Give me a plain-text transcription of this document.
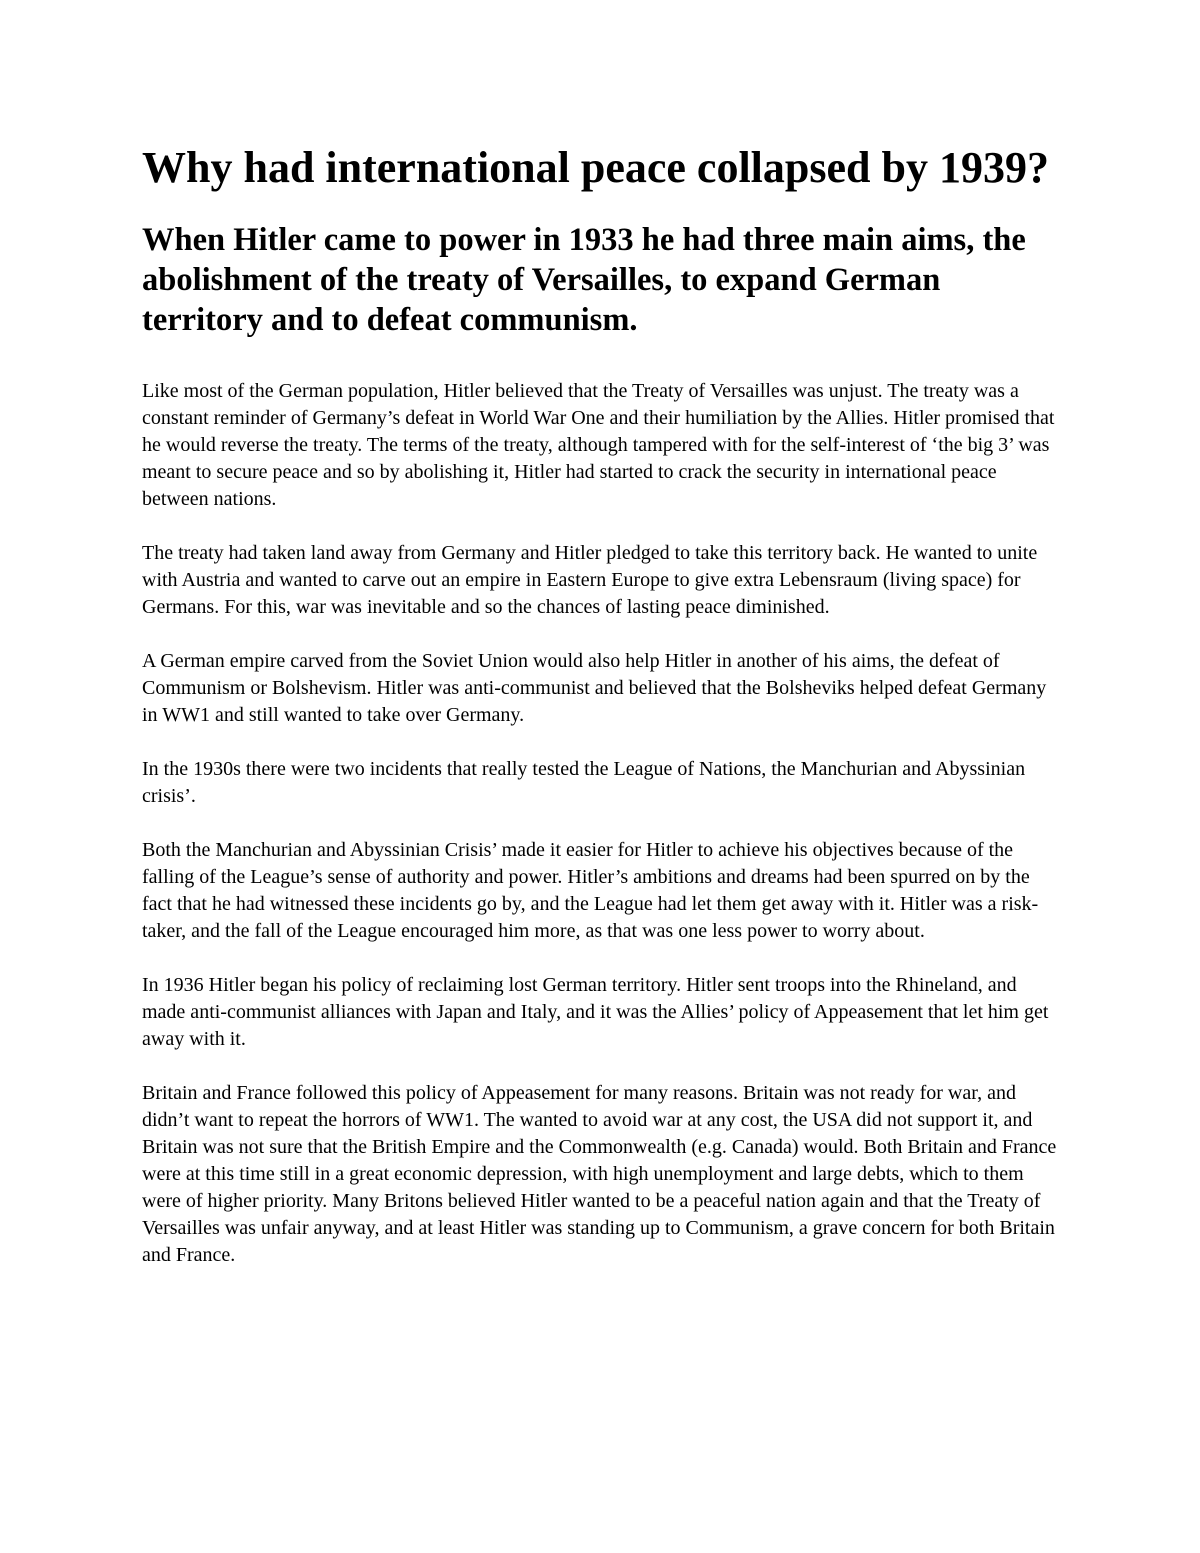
Why had international peace collapsed by 1939?
When Hitler came to power in 1933 he had three main aims, the abolishment of the treaty of Versailles, to expand German territory and to defeat communism.

Like most of the German population, Hitler believed that the Treaty of Versailles was unjust. The treaty was a constant reminder of Germany’s defeat in World War One and their humiliation by the Allies. Hitler promised that he would reverse the treaty. The terms of the treaty, although tampered with for the self-interest of ‘the big 3’ was meant to secure peace and so by abolishing it, Hitler had started to crack the security in international peace between nations.

The treaty had taken land away from Germany and Hitler pledged to take this territory back. He wanted to unite with Austria and wanted to carve out an empire in Eastern Europe to give extra Lebensraum (living space) for Germans. For this, war was inevitable and so the chances of lasting peace diminished.

A German empire carved from the Soviet Union would also help Hitler in another of his aims, the defeat of Communism or Bolshevism. Hitler was anti-communist and believed that the Bolsheviks helped defeat Germany in WW1 and still wanted to take over Germany.

In the 1930s there were two incidents that really tested the League of Nations, the Manchurian and Abyssinian crisis’.

Both the Manchurian and Abyssinian Crisis’ made it easier for Hitler to achieve his objectives because of the falling of the League’s sense of authority and power. Hitler’s ambitions and dreams had been spurred on by the fact that he had witnessed these incidents go by, and the League had let them get away with it. Hitler was a risk-taker, and the fall of the League encouraged him more, as that was one less power to worry about.

In 1936 Hitler began his policy of reclaiming lost German territory. Hitler sent troops into the Rhineland, and made anti-communist alliances with Japan and Italy, and it was the Allies’ policy of Appeasement that let him get away with it.

Britain and France followed this policy of Appeasement for many reasons. Britain was not ready for war, and didn’t want to repeat the horrors of WW1. The wanted to avoid war at any cost, the USA did not support it, and Britain was not sure that the British Empire and the Commonwealth (e.g. Canada) would. Both Britain and France were at this time still in a great economic depression, with high unemployment and large debts, which to them were of higher priority. Many Britons believed Hitler wanted to be a peaceful nation again and that the Treaty of Versailles was unfair anyway, and at least Hitler was standing up to Communism, a grave concern for both Britain and France.
